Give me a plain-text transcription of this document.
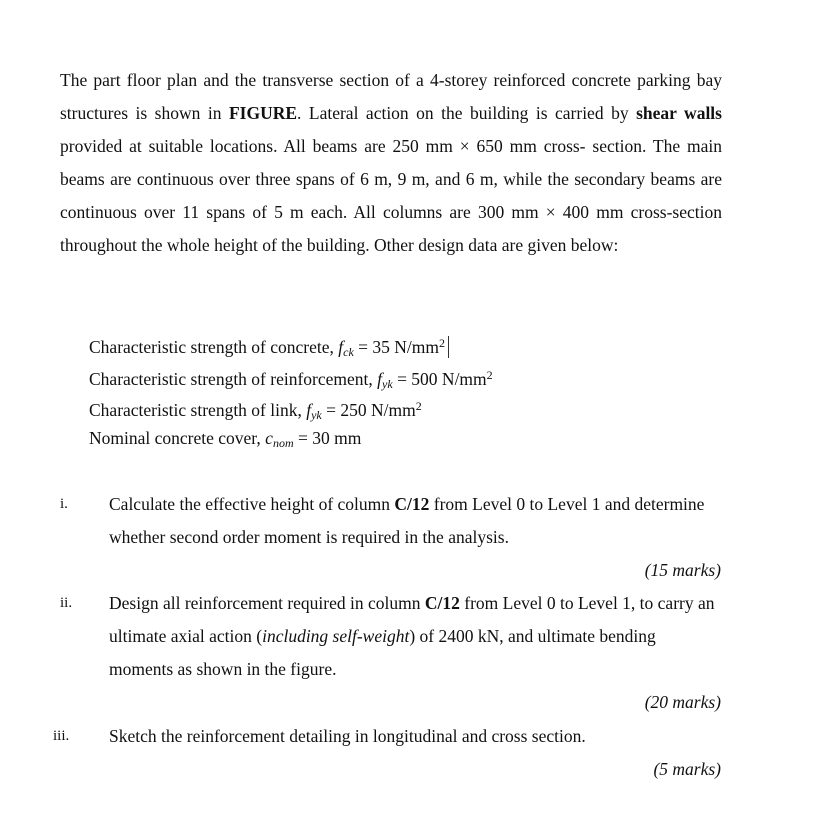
The part floor plan and the transverse section of a 4-storey reinforced concrete parking bay structures is shown in FIGURE. Lateral action on the building is carried by shear walls provided at suitable locations. All beams are 250 mm × 650 mm cross- section. The main beams are continuous over three spans of 6 m, 9 m, and 6 m, while the secondary beams are continuous over 11 spans of 5 m each. All columns are 300 mm × 400 mm cross-section throughout the whole height of the building. Other design data are given below:

Characteristic strength of concrete, $f_{ck} = 35$ $N/mm^2$
Characteristic strength of reinforcement, $f_{yk} = 500$ $N/mm^2$
Characteristic strength of link, $f_{yk} = 250$ $N/mm^2$
Nominal concrete cover, $c_{nom} = 30$ mm
i. Calculate the effective height of column C/12 from Level 0 to Level 1 and determine whether second order moment is required in the analysis.

(15 marks)
ii. Design all reinforcement required in column C/12 from Level 0 to Level 1, to carry an ultimate axial action (including self-weight) of 2400 kN, and ultimate bending moments as shown in the figure.

(20 marks)
iii. Sketch the reinforcement detailing in longitudinal and cross section.

(5 marks)
